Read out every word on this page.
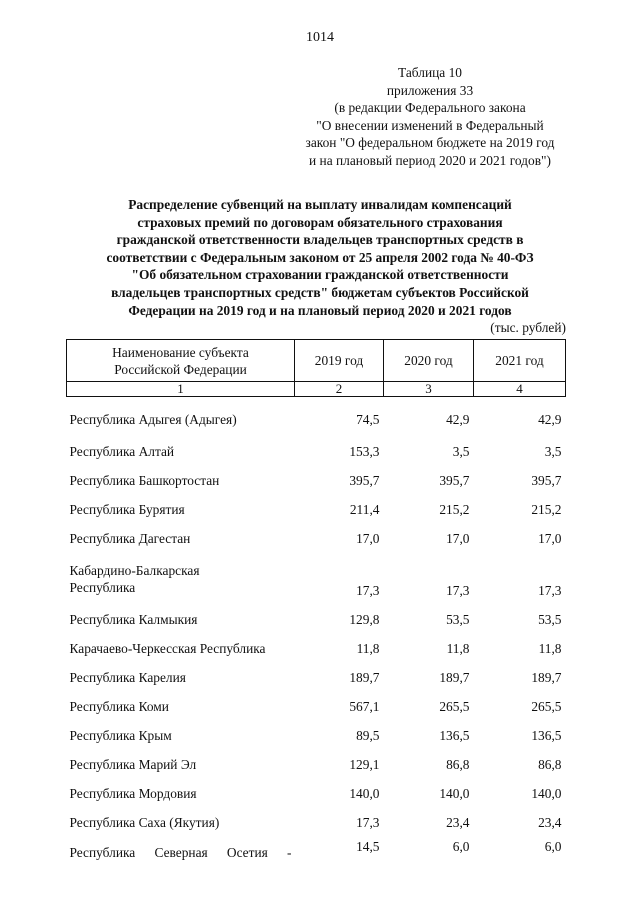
1014
Таблица 10
приложения 33
(в редакции Федерального закона
"О внесении изменений в Федеральный
закон "О федеральном бюджете на 2019 год
и на плановый период 2020 и 2021 годов")
Распределение субвенций на выплату инвалидам компенсаций
страховых премий по договорам обязательного страхования
гражданской ответственности владельцев транспортных средств в
соответствии с Федеральным законом от 25 апреля 2002 года № 40-ФЗ
"Об обязательном страховании гражданской ответственности
владельцев транспортных средств" бюджетам субъектов Российской
Федерации на 2019 год и на плановый период 2020 и 2021 годов
(тыс. рублей)
Наименование субъекта Российской Федерации	2019 год	2020 год	2021 год
1	2	3	4
Республика Адыгея (Адыгея)	74,5	42,9	42,9
Республика Алтай	153,3	3,5	3,5
Республика Башкортостан	395,7	395,7	395,7
Республика Бурятия	211,4	215,2	215,2
Республика Дагестан	17,0	17,0	17,0
Кабардино-Балкарская
Республика	17,3	17,3	17,3
Республика Калмыкия	129,8	53,5	53,5
Карачаево-Черкесская Республика	11,8	11,8	11,8
Республика Карелия	189,7	189,7	189,7
Республика Коми	567,1	265,5	265,5
Республика Крым	89,5	136,5	136,5
Республика Марий Эл	129,1	86,8	86,8
Республика Мордовия	140,0	140,0	140,0
Республика Саха (Якутия)	17,3	23,4	23,4

Республика Северная Осетия -	14,5	6,0	6,0
